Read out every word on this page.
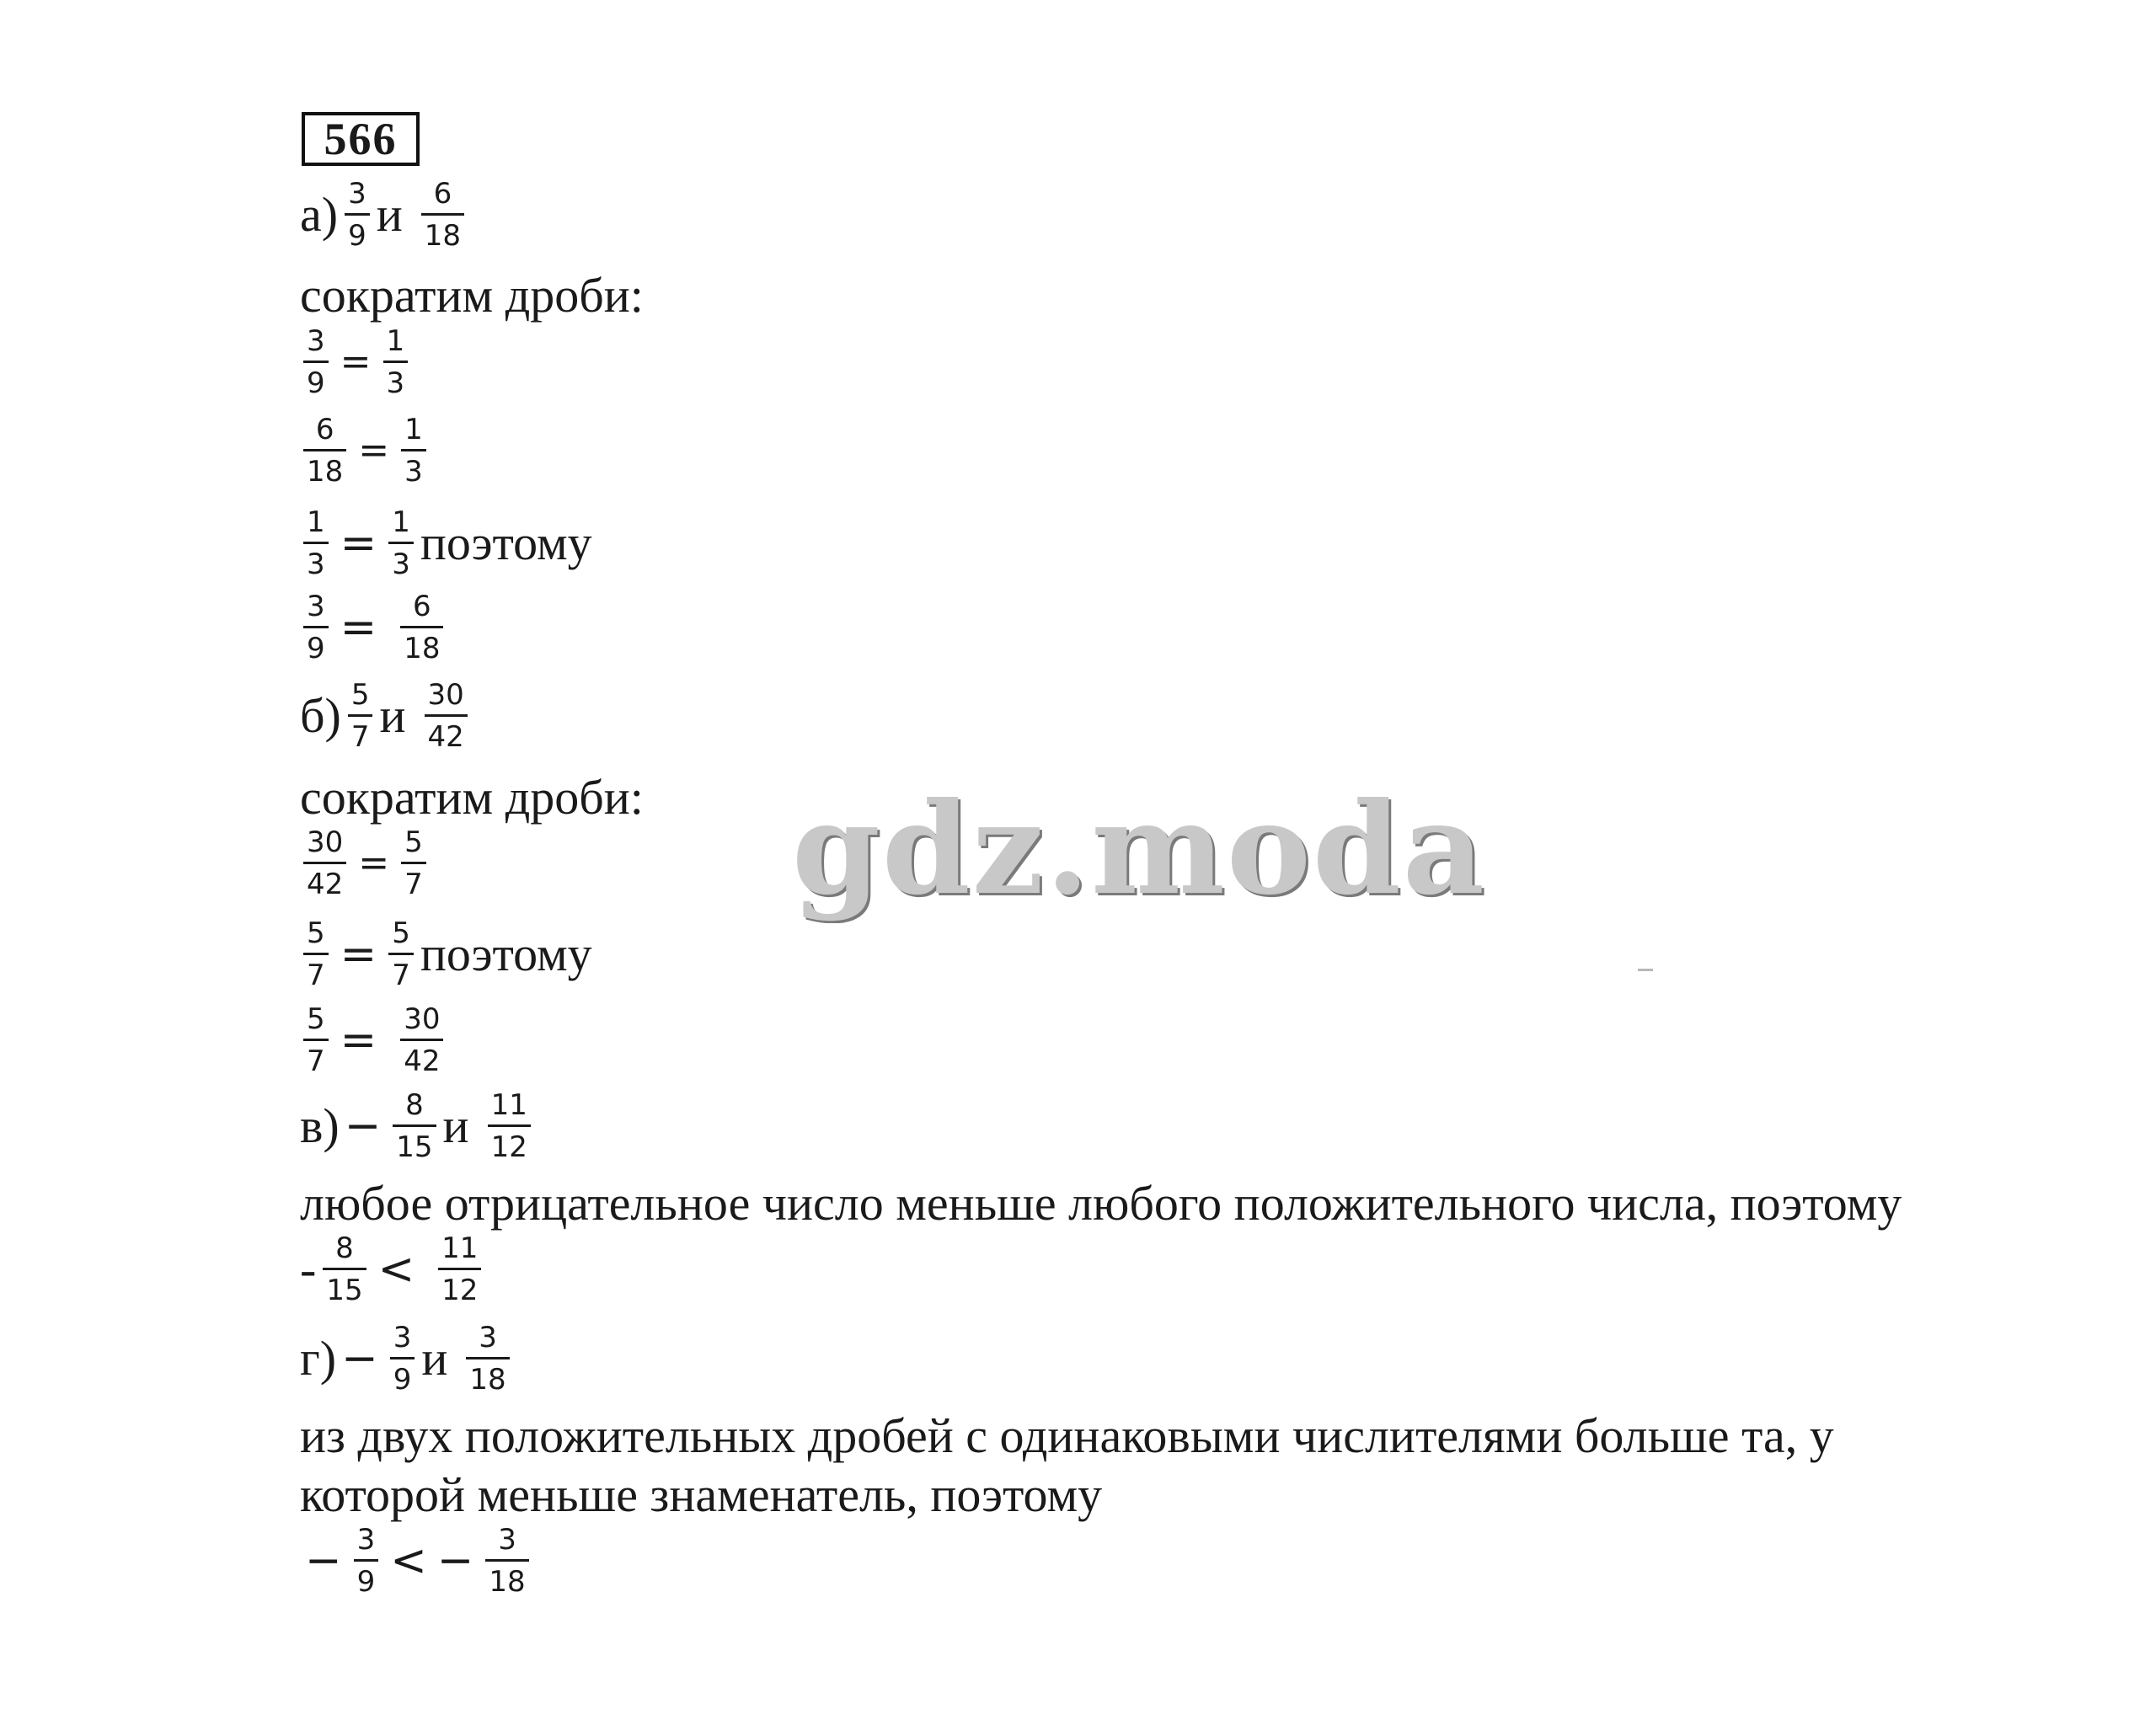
566
$а) \frac{3}{9}$ и $\frac{6}{18}$
сократим дроби:
$\frac{3}{9} = \frac{1}{3}$
$\frac{6}{18} = \frac{1}{3}$
$\frac{1}{3} = \frac{1}{3}$ поэтому
$\frac{3}{9} = \frac{6}{18}$
$б) \frac{5}{7}$ и $\frac{30}{42}$
сократим дроби:
$\frac{30}{42} = \frac{5}{7}$
$\frac{5}{7} = \frac{5}{7}$ поэтому
$\frac{5}{7} = \frac{30}{42}$
$в) - \frac{8}{15}$ и $\frac{11}{12}$
любое отрицательное число меньше любого положительного числа, поэтому
- $\frac{8}{15} < \frac{11}{12}$
$г) - \frac{3}{9}$ и $\frac{3}{18}$
из двух положительных дробей с одинаковыми числителями больше та, у
которой меньше знаменатель, поэтому
− $\frac{3}{9}$ < − $\frac{3}{18}$
gdz.moda
